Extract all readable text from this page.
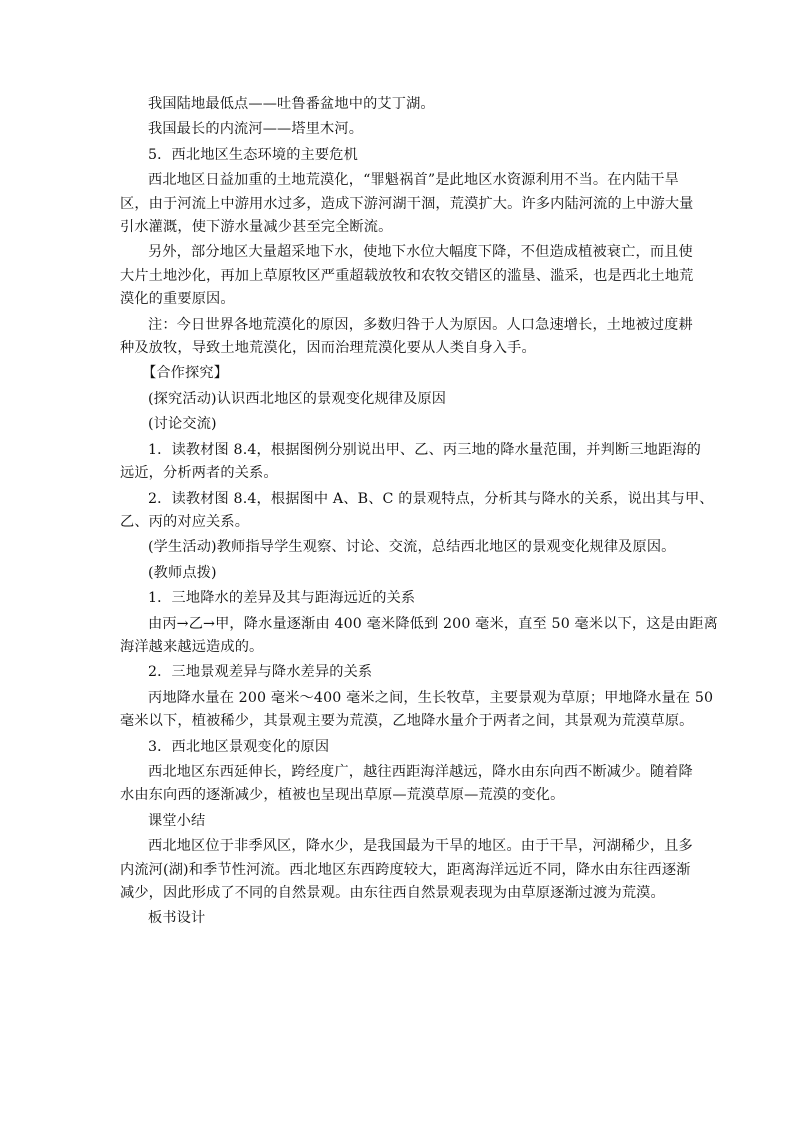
我国陆地最低点——吐鲁番盆地中的艾丁湖。

我国最长的内流河——塔里木河。

5．西北地区生态环境的主要危机

西北地区日益加重的土地荒漠化，“罪魁祸首”是此地区水资源利用不当。在内陆干旱

区，由于河流上中游用水过多，造成下游河湖干涸，荒漠扩大。许多内陆河流的上中游大量

引水灌溉，使下游水量减少甚至完全断流。

另外，部分地区大量超采地下水，使地下水位大幅度下降，不但造成植被衰亡，而且使

大片土地沙化，再加上草原牧区严重超载放牧和农牧交错区的滥垦、滥采，也是西北土地荒

漠化的重要原因。

注：今日世界各地荒漠化的原因，多数归咎于人为原因。人口急速增长，土地被过度耕

种及放牧，导致土地荒漠化，因而治理荒漠化要从人类自身入手。

【合作探究】

(探究活动)认识西北地区的景观变化规律及原因

(讨论交流)

1．读教材图 8.4，根据图例分别说出甲、乙、丙三地的降水量范围，并判断三地距海的

远近，分析两者的关系。

2．读教材图 8.4，根据图中 A、B、C 的景观特点，分析其与降水的关系，说出其与甲、

乙、丙的对应关系。

(学生活动)教师指导学生观察、讨论、交流，总结西北地区的景观变化规律及原因。

(教师点拨)

1．三地降水的差异及其与距海远近的关系

由丙→乙→甲，降水量逐渐由 400 毫米降低到 200 毫米，直至 50 毫米以下，这是由距离

海洋越来越远造成的。

2．三地景观差异与降水差异的关系

丙地降水量在 200 毫米～400 毫米之间，生长牧草，主要景观为草原；甲地降水量在 50

毫米以下，植被稀少，其景观主要为荒漠，乙地降水量介于两者之间，其景观为荒漠草原。

3．西北地区景观变化的原因

西北地区东西延伸长，跨经度广，越往西距海洋越远，降水由东向西不断减少。随着降

水由东向西的逐渐减少，植被也呈现出草原—荒漠草原—荒漠的变化。

课堂小结

西北地区位于非季风区，降水少，是我国最为干旱的地区。由于干旱，河湖稀少，且多

内流河(湖)和季节性河流。西北地区东西跨度较大，距离海洋远近不同，降水由东往西逐渐

减少，因此形成了不同的自然景观。由东往西自然景观表现为由草原逐渐过渡为荒漠。

板书设计
